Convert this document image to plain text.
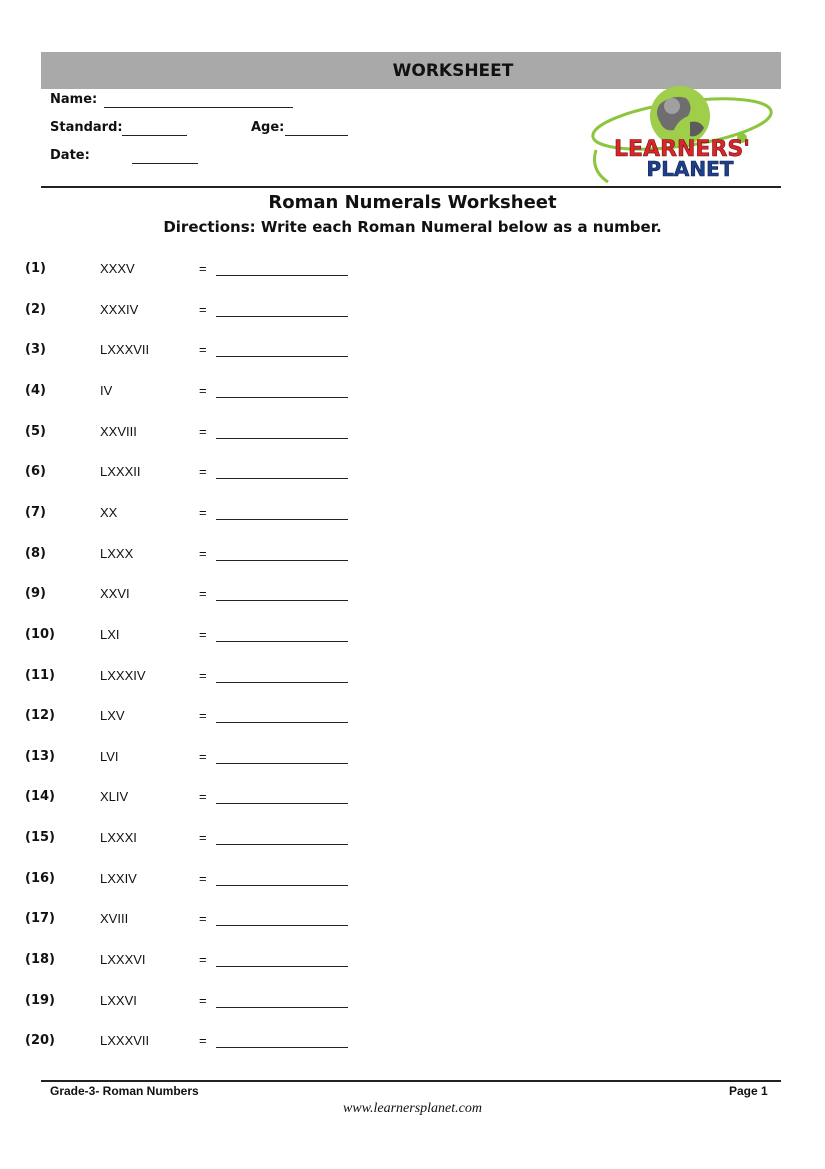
WORKSHEET
Name:
Standard:	Age:
Date:	LEARNERS'
PLANET
Roman Numerals Worksheet
Directions: Write each Roman Numeral below as a number.
(1)	XXXV	=
(2)	XXXIV	=
(3)	LXXXVII	=
(4)	IV	=
(5)	XXVIII	=
(6)	LXXXII	=
(7)	XX	=
(8)	LXXX	=
(9)	XXVI	=
(10)	LXI	=
(11)	LXXXIV	=
(12)	LXV	=
(13)	LVI	=
(14)	XLIV	=
(15)	LXXXI	=
(16)	LXXIV	=
(17)	XVIII	=
(18)	LXXXVI	=
(19)	LXXVI	=
(20)	LXXXVII	=
Grade-3- Roman Numbers	Page 1
www.learnersplanet.com
